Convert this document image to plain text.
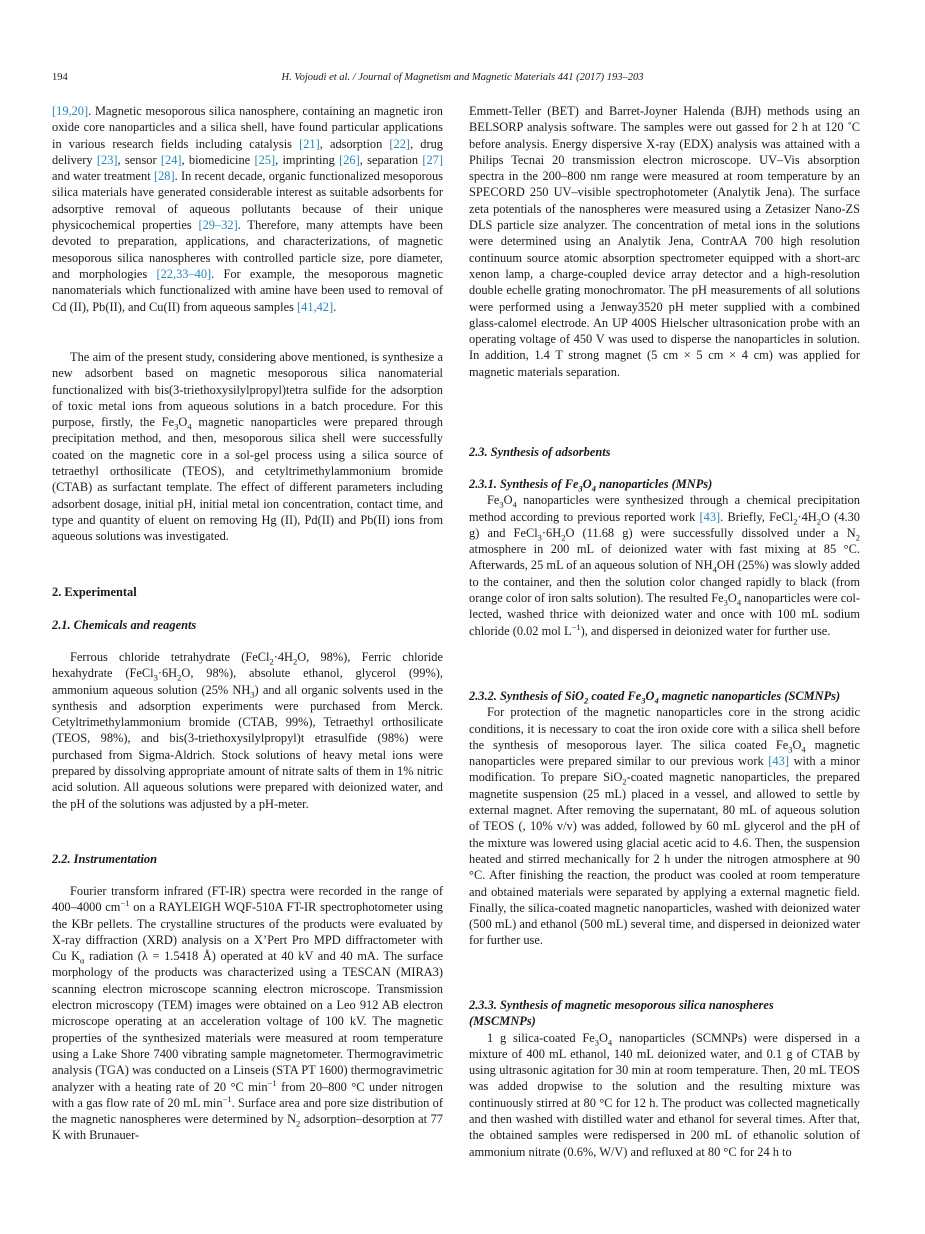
194	H. Vojoudi et al. / Journal of Magnetism and Magnetic Materials 441 (2017) 193–203

[19,20]. Magnetic mesoporous silica nanosphere, containing an magnetic iron oxide core nanoparticles and a silica shell, have found particular applications in various research fields including catalysis [21], adsorption [22], drug delivery [23], sensor [24], biomedicine [25], imprinting [26], separation [27] and water treatment [28]. In recent decade, organic functionalized mesoporous silica materials have generated considerable interest as suitable adsorbents for adsorptive removal of aqueous pollutants because of their unique physicochemical properties [29–32]. Therefore, many attempts have been devoted to preparation, applications, and characterizations, of magnetic mesoporous silica nanospheres with controlled particle size, pore diameter, and morphologies [22,33–40]. For example, the mesoporous magnetic nanomaterials which functionalized with amine have been used to removal of Cd (II), Pb(II), and Cu(II) from aqueous samples [41,42].

The aim of the present study, considering above mentioned, is synthesize a new adsorbent based on magnetic mesoporous silica nanomaterial functionalized with bis(3-triethoxysilylpropyl)tetra sulfide for the adsorption of toxic metal ions from aqueous solutions in a batch procedure. For this purpose, firstly, the $Fe_3O_4$ magnetic nanoparticles were prepared through precipitation method, and then, mesoporous silica shell were successfully coated on the magnetic core in a sol-gel process using a silica source of tetraethyl orthosilicate (TEOS), and cetyltrimethylammonium bromide (CTAB) as surfactant template. The effect of different parameters including adsorbent dosage, initial pH, initial metal ion concentration, contact time, and type and quantity of eluent on removing Hg (II), Pd(II) and Pb(II) ions from aqueous solutions was investigated.

2. Experimental
2.1. Chemicals and reagents

Ferrous chloride tetrahydrate ($FeCl_2\cdot 4H_2O$, 98%), Ferric chloride hexahydrate ($FeCl_3\cdot 6H_2O$, 98%), absolute ethanol, glycerol (99%), ammonium aqueous solution (25% $NH_3$) and all organic solvents used in the synthesis and adsorption experiments were purchased from Merck. Cetyltrimethylammonium bromide (CTAB, 99%), Tetraethyl orthosilicate (TEOS, 98%), and bis(3-triethoxysilylpropyl)t etrasulfide (98%) were purchased from Sigma-Aldrich. Stock solutions of heavy metal ions were prepared by dissolving appropriate amount of nitrate salts of them in 1% nitric acid solution. All aqueous solutions were prepared with deionized water, and the pH of the solutions was adjusted by a pH-meter.

2.2. Instrumentation

Fourier transform infrared (FT-IR) spectra were recorded in the range of 400–4000 $cm^{-1}$ on a RAYLEIGH WQF-510A FT-IR spectrophotometer using the KBr pellets. The crystalline structures of the products were evaluated by X-ray diffraction (XRD) analysis on a X’Pert Pro MPD diffractometer with Cu $K_\alpha$ radiation (λ = 1.5418 Å) operated at 40 kV and 40 mA. The surface morphology of the products was characterized using a TESCAN (MIRA3) scanning electron microscope scanning electron microscope. Transmission electron microscopy (TEM) images were obtained on a Leo 912 AB electron microscope operating at an acceleration voltage of 100 kV. The magnetic properties of the synthesized materials were measured at room temperature using a Lake Shore 7400 vibrating sample magnetometer. Thermogravimetric analysis (TGA) was conducted on a Linseis (STA PT 1600) thermogravimetric analyzer with a heating rate of 20 °C $\min^{-1}$ from 20–800 °C under nitrogen with a gas flow rate of 20 mL $\min^{-1}$. Surface area and pore size distribution of the magnetic nanospheres were determined by $N_2$ adsorption–desorption at 77 K with Brunauer-

Emmett-Teller (BET) and Barret-Joyner Halenda (BJH) methods using an BELSORP analysis software. The samples were out gassed for 2 h at 120 ˚C before analysis. Energy dispersive X-ray (EDX) analysis was attained with a Philips Tecnai 20 transmission electron microscope. UV–Vis absorption spectra in the 200–800 nm range were measured at room temperature by an SPECORD 250 UV–visible spectrophotometer (Analytik Jena). The surface zeta potentials of the nanospheres were measured using a Zetasizer Nano-ZS DLS particle size analyzer. The concentration of metal ions in the solutions were determined using an Analytik Jena, ContrAA 700 high resolution continuum source atomic absorption spectrometer equipped with a short-arc xenon lamp, a charge-coupled device array detector and a high-resolution double echelle grating monochromator. The pH measurements of all solutions were performed using a Jenway3520 pH meter supplied with a combined glass-calomel electrode. An UP 400S Hielscher ultrasonication probe with an operating voltage of 450 V was used to disperse the nanoparticles in solution. In addition, 1.4 T strong magnet (5 cm × 5 cm × 4 cm) was applied for magnetic materials separation.

2.3. Synthesis of adsorbents
2.3.1. Synthesis of $Fe_3O_4$ nanoparticles (MNPs)

$Fe_3O_4$ nanoparticles were synthesized through a chemical precipitation method according to previous reported work [43]. Briefly, $FeCl_2\cdot 4H_2O$ (4.30 g) and $FeCl_3\cdot 6H_2O$ (11.68 g) were successfully dissolved under a $N_2$ atmosphere in 200 mL of deionized water with fast mixing at 85 °C. Afterwards, 25 mL of an aqueous solution of $NH_4OH$ (25%) was slowly added to the container, and then the solution color changed rapidly to black (from orange color of iron salts solution). The resulted $Fe_3O_4$ nanoparticles were collected, washed thrice with deionized water and once with 100 mL sodium chloride (0.02 mol $L^{-1}$), and dispersed in deionized water for further use.

2.3.2. Synthesis of SiO$_2$ coated $Fe_3O_4$ magnetic nanoparticles (SCMNPs)

For protection of the magnetic nanoparticles core in the strong acidic conditions, it is necessary to coat the iron oxide core with a silica shell before the synthesis of mesoporous layer. The silica coated $Fe_3O_4$ magnetic nanoparticles were prepared similar to our previous work [43] with a minor modification. To prepare SiO$_2$-coated magnetic nanoparticles, the prepared magnetite suspension (25 mL) placed in a vessel, and allowed to settle by external magnet. After removing the supernatant, 80 mL of aqueous solution of TEOS (, 10% v/v) was added, followed by 60 mL glycerol and the pH of the mixture was lowered using glacial acetic acid to 4.6. Then, the suspension heated and stirred mechanically for 2 h under the nitrogen atmosphere at 90 °C. After finishing the reaction, the product was cooled at room temperature and obtained materials were separated by applying a external magnetic field. Finally, the silica-coated magnetic nanoparticles, washed with deionized water (500 mL) and ethanol (500 mL) several time, and dispersed in deionized water for further use.

2.3.3. Synthesis of magnetic mesoporous silica nanospheres (MSCMNPs)

1 g silica-coated $Fe_3O_4$ nanoparticles (SCMNPs) were dispersed in a mixture of 400 mL ethanol, 140 mL deionized water, and 0.1 g of CTAB by using ultrasonic agitation for 30 min at room temperature. Then, 20 mL TEOS was added dropwise to the solution and the resulting mixture was continuously stirred at 80 °C for 12 h. The product was collected magnetically and then washed with distilled water and ethanol for several times. After that, the obtained samples were redispersed in 200 mL of ethanolic solution of ammonium nitrate (0.6%, W/V) and refluxed at 80 °C for 24 h to
